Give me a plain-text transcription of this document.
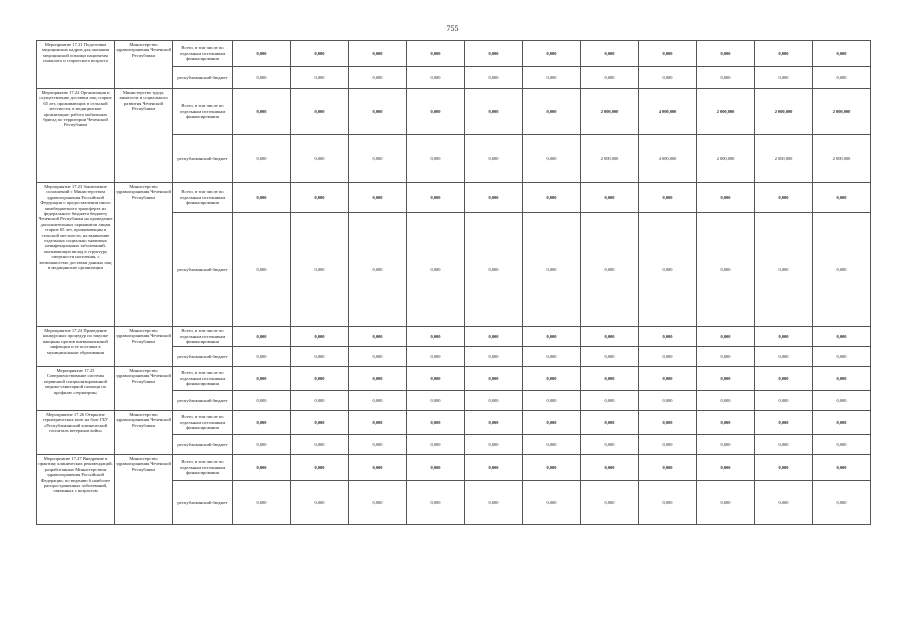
755
Мероприятие 17.21 Подготовка медицинских кадров для оказания медицинской помощи пациентам пожилого и старческого возраста	Министерство здравоохранения Чеченской Республики	Всего, в том числе по отдельным источникам финансирования	0,000	0,000	0,000	0,000	0,000	0,000	0,000	0,000	0,000	0,000	0,000
		республиканский бюджет	0,000	0,000	0,000	0,000	0,000	0,000	0,000	0,000	0,000	0,000	0,000
Мероприятие 17.22 Организация и осуществление доставки лиц старше 65 лет, проживающих в сельской местности, в медицинские организации; работа мобильных бригад по территории Чеченской Республики	Министерство труда, занятости и социального развития Чеченской Республики	Всего, в том числе по отдельным источникам финансирования	0,000	0,000	0,000	0,000	0,000	0,000	2 000,000	4 000,000	2 000,000	2 000,000	2 000,000
		республиканский бюджет	0,000	0,000	0,000	0,000	0,000	0,000	2 000,000	4 000,000	2 000,000	2 000,000	2 000,000
Мероприятие 17.23 Заключение соглашений с Министерством здравоохранения Российской Федерации о предоставлении иного межбюджетного трансферта из федерального бюджета бюджету Чеченской Республики на проведение дополнительных скринингов лицам старше 65 лет, проживающим в сельской местности, на выявление отдельных социально значимых неинфекционных заболеваний, оказывающих вклад в структуру смертности населения, с возможностью доставки данных лиц в медицинские организации	Министерство здравоохранения Чеченской Республики	Всего, в том числе по отдельным источникам финансирования	0,000	0,000	0,000	0,000	0,000	0,000	0,000	0,000	0,000	0,000	0,000
		республиканский бюджет	0,000	0,000	0,000	0,000	0,000	0,000	0,000	0,000	0,000	0,000	0,000
Мероприятие 17.24 Проведение конкурсных процедур по закупке вакцины против пневмококковой инфекции и ее поставка в муниципальные образования	Министерство здравоохранения Чеченской Республики	Всего, в том числе по отдельным источникам финансирования	0,000	0,000	0,000	0,000	0,000	0,000	0,000	0,000	0,000	0,000	0,000
		республиканский бюджет	0,000	0,000	0,000	0,000	0,000	0,000	0,000	0,000	0,000	0,000	0,000
Мероприятие 17.25 Совершенствование системы первичной специализированной медико-санитарной помощи по профилю «гериатрия»	Министерство здравоохранения Чеченской Республики	Всего, в том числе по отдельным источникам финансирования	0,000	0,000	0,000	0,000	0,000	0,000	0,000	0,000	0,000	0,000	0,000
		республиканский бюджет	0,000	0,000	0,000	0,000	0,000	0,000	0,000	0,000	0,000	0,000	0,000
Мероприятие 17.26 Открытие гериатрических коек на базе ГБУ «Республиканский клинический госпиталь ветеранов войн»	Министерство здравоохранения Чеченской Республики	Всего, в том числе по отдельным источникам финансирования	0,000	0,000	0,000	0,000	0,000	0,000	0,000	0,000	0,000	0,000	0,000
		республиканский бюджет	0,000	0,000	0,000	0,000	0,000	0,000	0,000	0,000	0,000	0,000	0,000
Мероприятие 17.27 Внедрение в практику клинических рекомендаций, разработанных Министерством здравоохранения Российской Федерации, по ведению 6 наиболее распространенных заболеваний, связанных с возрастом	Министерство здравоохранения Чеченской Республики	Всего, в том числе по отдельным источникам финансирования	0,000	0,000	0,000	0,000	0,000	0,000	0,000	0,000	0,000	0,000	0,000
		республиканский бюджет	0,000	0,000	0,000	0,000	0,000	0,000	0,000	0,000	0,000	0,000	0,000
